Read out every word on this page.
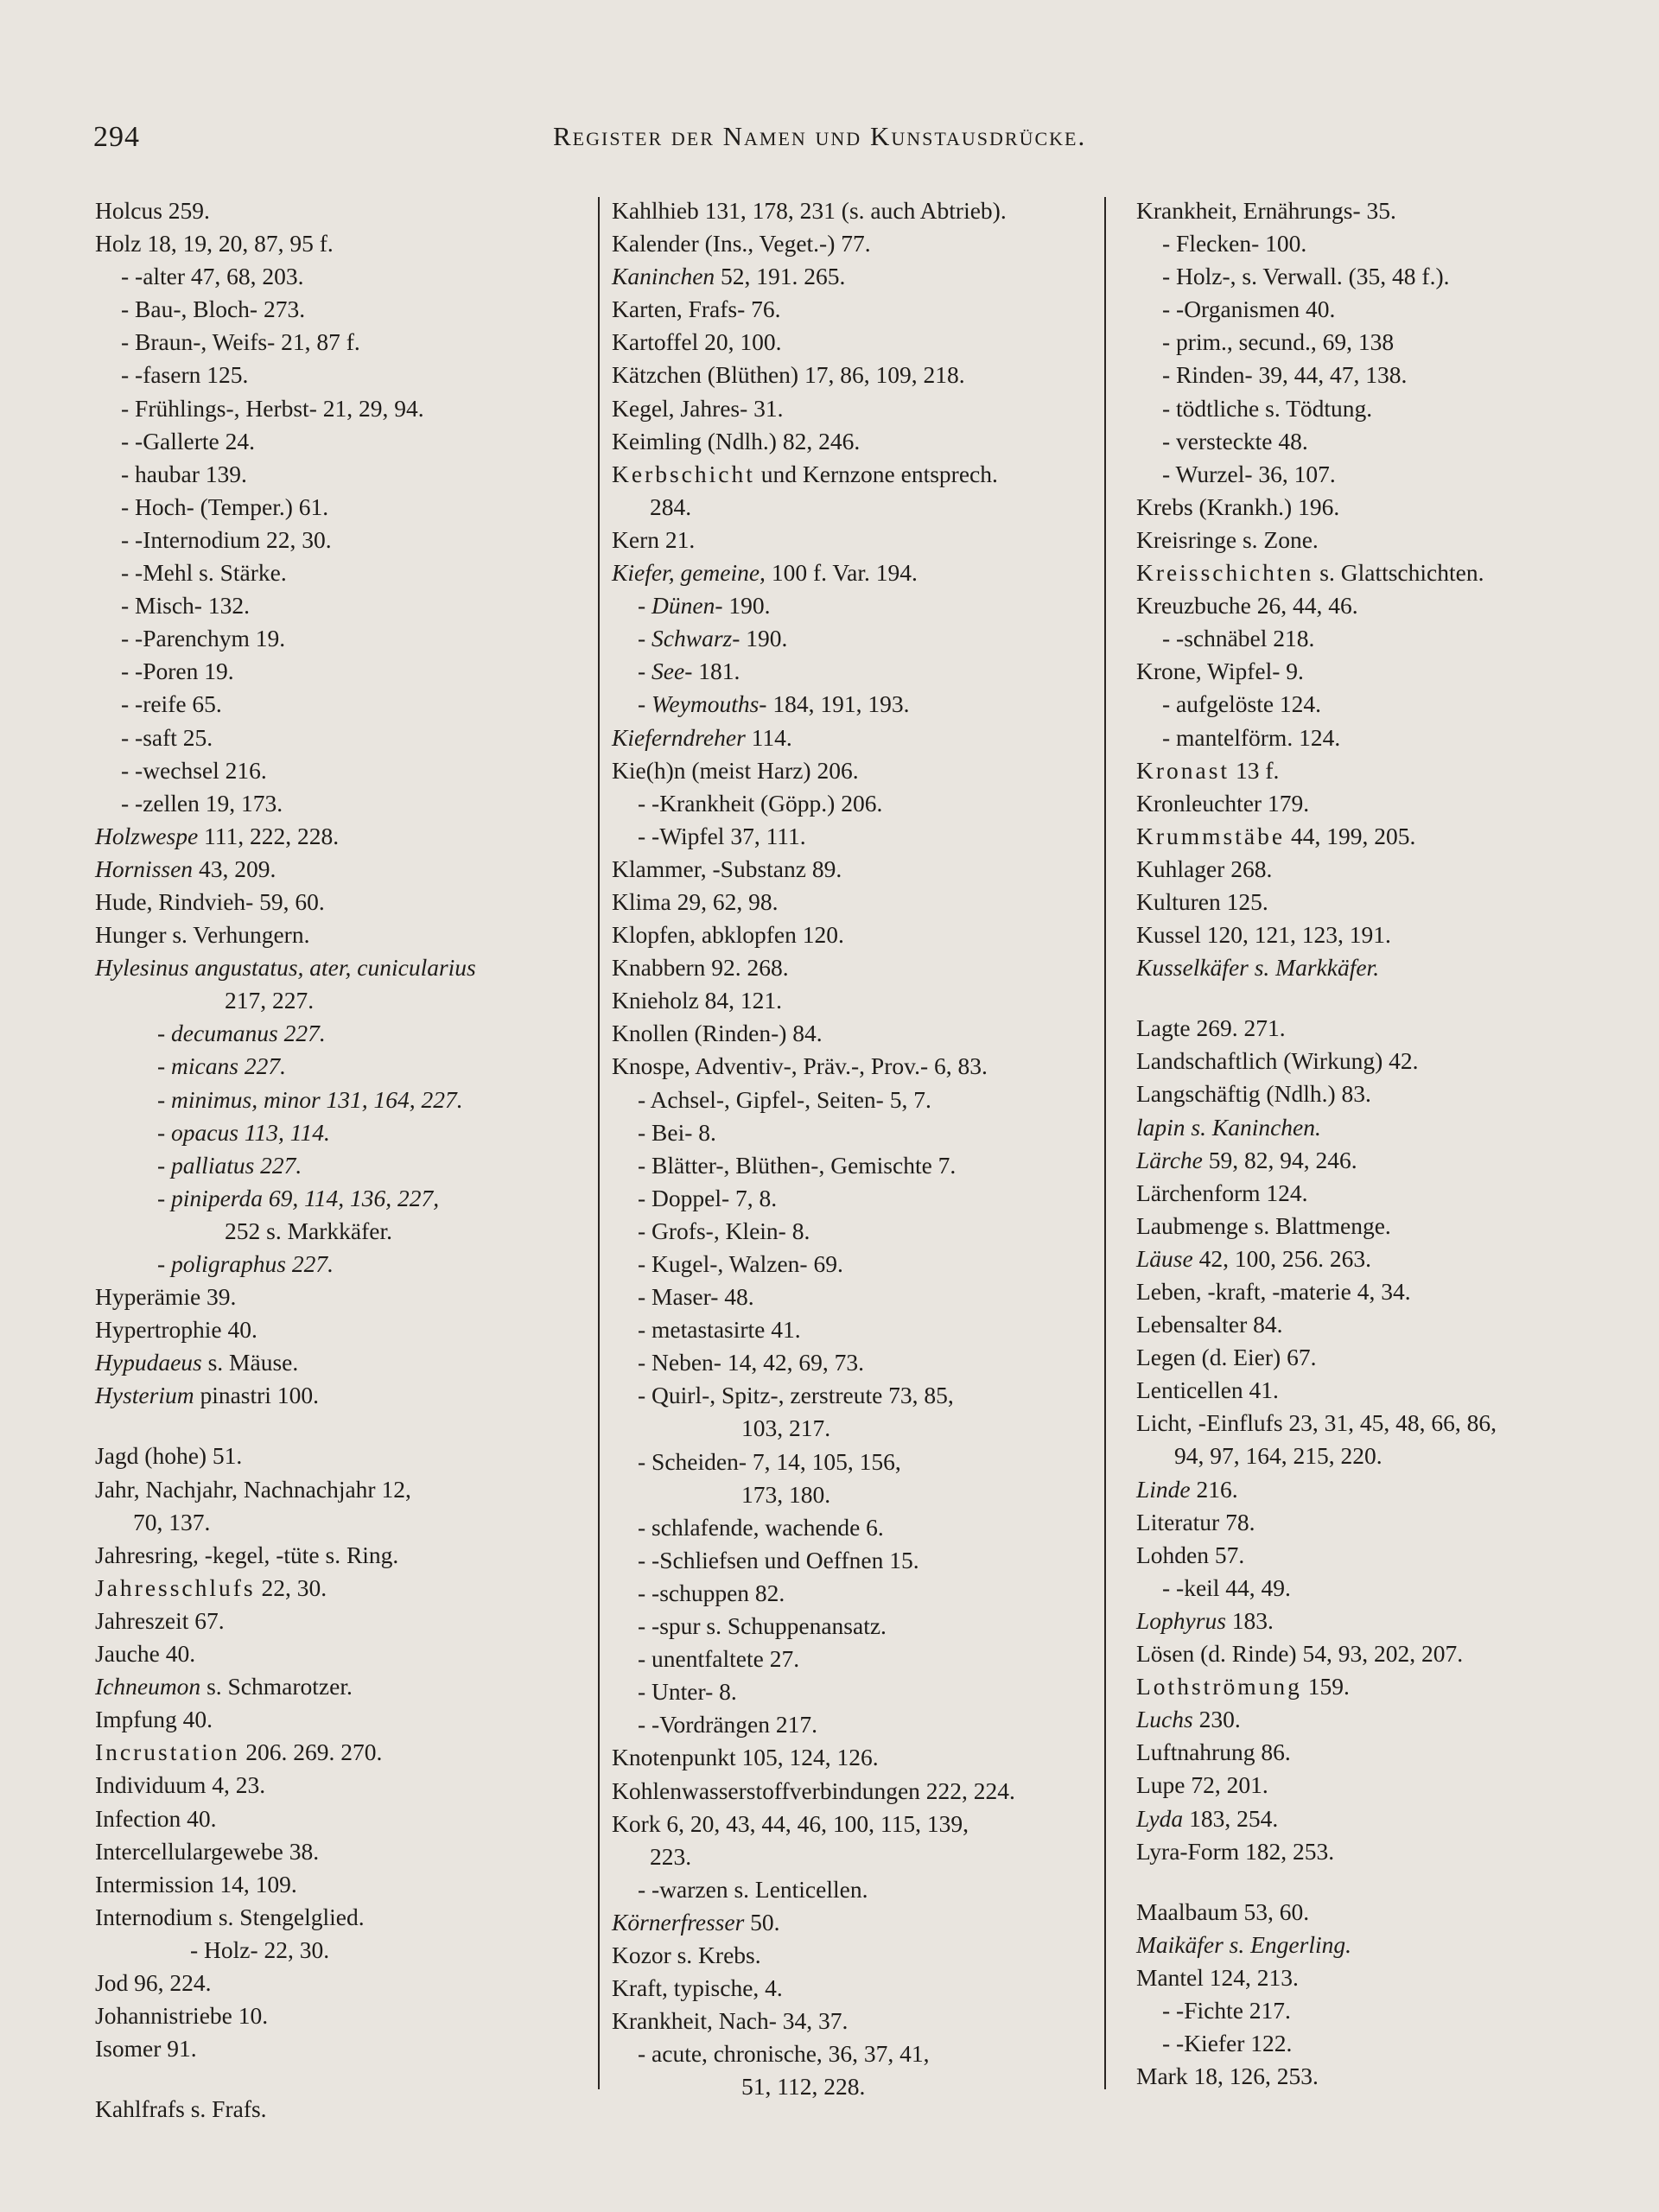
294	Register der Namen und Kunstausdrücke.
Holcus 259.
Holz 18, 19, 20, 87, 95 f.
- -alter 47, 68, 203.
- Bau-, Bloch- 273.
- Braun-, Weifs- 21, 87 f.
- -fasern 125.
- Frühlings-, Herbst- 21, 29, 94.
- -Gallerte 24.
- haubar 139.
- Hoch- (Temper.) 61.
- -Internodium 22, 30.
- -Mehl s. Stärke.
- Misch- 132.
- -Parenchym 19.
- -Poren 19.
- -reife 65.
- -saft 25.
- -wechsel 216.
- -zellen 19, 173.
Holzwespe 111, 222, 228.
Hornissen 43, 209.
Hude, Rindvieh- 59, 60.
Hunger s. Verhungern.
Hylesinus angustatus, ater, cunicularius
217, 227.
- decumanus 227.
- micans 227.
- minimus, minor 131, 164, 227.
- opacus 113, 114.
- palliatus 227.
- piniperda 69, 114, 136, 227,
252 s. Markkäfer.
- poligraphus 227.
Hyperämie 39.
Hypertrophie 40.
Hypudaeus s. Mäuse.
Hysterium pinastri 100.
Jagd (hohe) 51.
Jahr, Nachjahr, Nachnachjahr 12,
70, 137.
Jahresring, -kegel, -tüte s. Ring.
Jahresschlufs 22, 30.
Jahreszeit 67.
Jauche 40.
Ichneumon s. Schmarotzer.
Impfung 40.
Incrustation 206. 269. 270.
Individuum 4, 23.
Infection 40.
Intercellulargewebe 38.
Intermission 14, 109.
Internodium s. Stengelglied.
- Holz- 22, 30.
Jod 96, 224.
Johannistriebe 10.
Isomer 91.
Kahlfrafs s. Frafs.
Kahlhieb 131, 178, 231 (s. auch Abtrieb).
Kalender (Ins., Veget.-) 77.
Kaninchen 52, 191. 265.
Karten, Frafs- 76.
Kartoffel 20, 100.
Kätzchen (Blüthen) 17, 86, 109, 218.
Kegel, Jahres- 31.
Keimling (Ndlh.) 82, 246.
Kerbschicht und Kernzone entsprech.
284.
Kern 21.
Kiefer, gemeine, 100 f. Var. 194.
- Dünen- 190.
- Schwarz- 190.
- See- 181.
- Weymouths- 184, 191, 193.
Kieferndreher 114.
Kie(h)n (meist Harz) 206.
- -Krankheit (Göpp.) 206.
- -Wipfel 37, 111.
Klammer, -Substanz 89.
Klima 29, 62, 98.
Klopfen, abklopfen 120.
Knabbern 92. 268.
Knieholz 84, 121.
Knollen (Rinden-) 84.
Knospe, Adventiv-, Präv.-, Prov.- 6, 83.
- Achsel-, Gipfel-, Seiten- 5, 7.
- Bei- 8.
- Blätter-, Blüthen-, Gemischte 7.
- Doppel- 7, 8.
- Grofs-, Klein- 8.
- Kugel-, Walzen- 69.
- Maser- 48.
- metastasirte 41.
- Neben- 14, 42, 69, 73.
- Quirl-, Spitz-, zerstreute 73, 85,
103, 217.
- Scheiden- 7, 14, 105, 156,
173, 180.
- schlafende, wachende 6.
- -Schliefsen und Oeffnen 15.
- -schuppen 82.
- -spur s. Schuppenansatz.
- unentfaltete 27.
- Unter- 8.
- -Vordrängen 217.
Knotenpunkt 105, 124, 126.
Kohlenwasserstoffverbindungen 222, 224.
Kork 6, 20, 43, 44, 46, 100, 115, 139,
223.
- -warzen s. Lenticellen.
Körnerfresser 50.
Kozor s. Krebs.
Kraft, typische, 4.
Krankheit, Nach- 34, 37.
- acute, chronische, 36, 37, 41,
51, 112, 228.
Krankheit, Ernährungs- 35.
- Flecken- 100.
- Holz-, s. Verwall. (35, 48 f.).
- -Organismen 40.
- prim., secund., 69, 138
- Rinden- 39, 44, 47, 138.
- tödtliche s. Tödtung.
- versteckte 48.
- Wurzel- 36, 107.
Krebs (Krankh.) 196.
Kreisringe s. Zone.
Kreisschichten s. Glattschichten.
Kreuzbuche 26, 44, 46.
- -schnäbel 218.
Krone, Wipfel- 9.
- aufgelöste 124.
- mantelförm. 124.
Kronast 13 f.
Kronleuchter 179.
Krummstäbe 44, 199, 205.
Kuhlager 268.
Kulturen 125.
Kussel 120, 121, 123, 191.
Kusselkäfer s. Markkäfer.
Lagte 269. 271.
Landschaftlich (Wirkung) 42.
Langschäftig (Ndlh.) 83.
lapin s. Kaninchen.
Lärche 59, 82, 94, 246.
Lärchenform 124.
Laubmenge s. Blattmenge.
Läuse 42, 100, 256. 263.
Leben, -kraft, -materie 4, 34.
Lebensalter 84.
Legen (d. Eier) 67.
Lenticellen 41.
Licht, -Einflufs 23, 31, 45, 48, 66, 86,
94, 97, 164, 215, 220.
Linde 216.
Literatur 78.
Lohden 57.
- -keil 44, 49.
Lophyrus 183.
Lösen (d. Rinde) 54, 93, 202, 207.
Lothströmung 159.
Luchs 230.
Luftnahrung 86.
Lupe 72, 201.
Lyda 183, 254.
Lyra-Form 182, 253.
Maalbaum 53, 60.
Maikäfer s. Engerling.
Mantel 124, 213.
- -Fichte 217.
- -Kiefer 122.
Mark 18, 126, 253.
